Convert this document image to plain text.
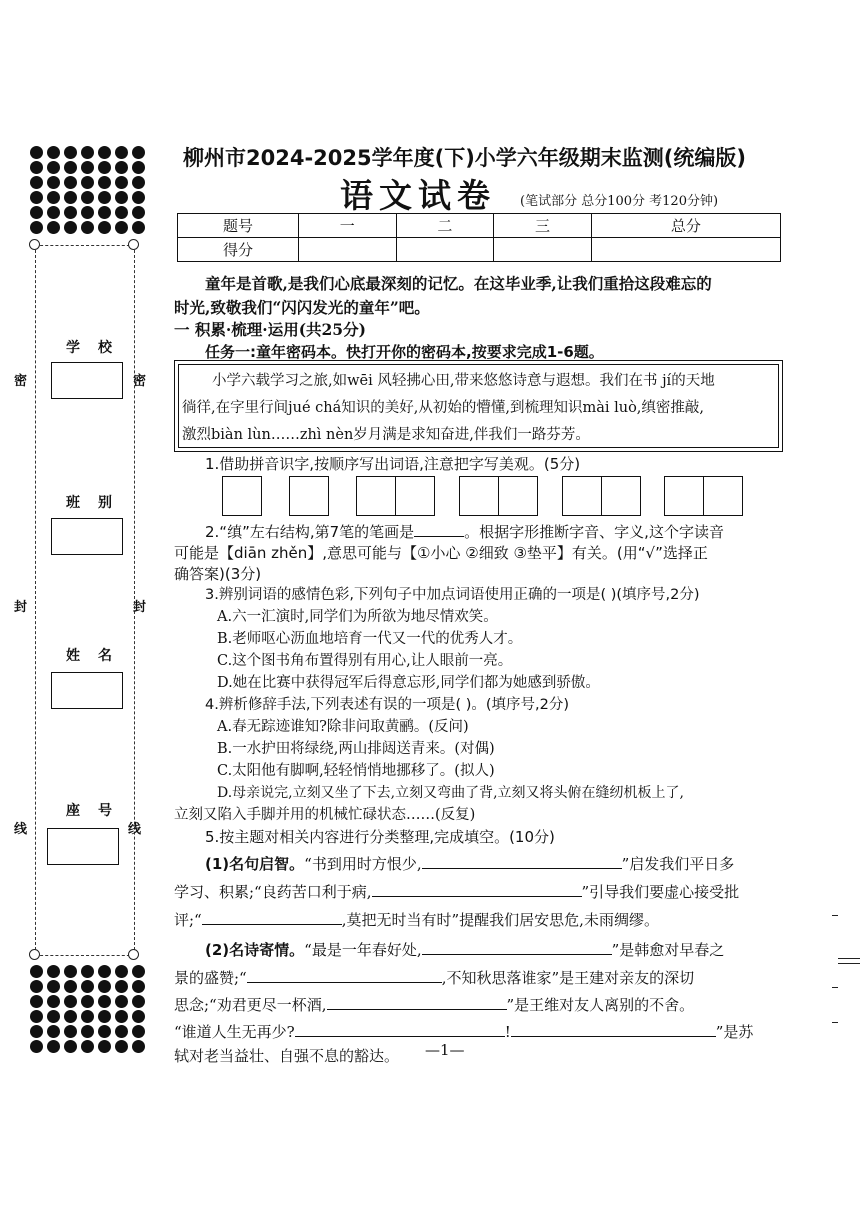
学校
班别
姓名
座号
密	密
封	封
线	线
柳州市2024-2025学年度(下)小学六年级期末监测(统编版)
语文试卷 (笔试部分 总分100分 考120分钟)
题号	一	二	三	总分
得分				
童年是首歌,是我们心底最深刻的记忆。在这毕业季,让我们重拾这段难忘的
时光,致敬我们“闪闪发光的童年”吧。
一 积累·梳理·运用(共25分)
任务一:童年密码本。快打开你的密码本,按要求完成1-6题。
小学六载学习之旅,如wēi 风轻拂心田,带来悠悠诗意与遐想。我们在书 jí的天地
徜徉,在字里行间jué chá知识的美好,从初始的懵懂,到梳理知识mài luò,缜密推敲,
激烈biàn lùn……zhì nèn岁月满是求知奋进,伴我们一路芬芳。
1.借助拼音识字,按顺序写出词语,注意把字写美观。(5分)
2.“缜”左右结构,第7笔的笔画是	。根据字形推断字音、字义,这个字读音
可能是【diān zhěn】,意思可能与【①小心 ②细致 ③垫平】有关。(用“√”选择正
确答案)(3分)
3.辨别词语的感情色彩,下列句子中加点词语使用正确的一项是( )(填序号,2分)
A.六一汇演时,同学们为所欲为地尽情欢笑。
B.老师呕心沥血地培育一代又一代的优秀人才。
C.这个图书角布置得别有用心,让人眼前一亮。
D.她在比赛中获得冠军后得意忘形,同学们都为她感到骄傲。
4.辨析修辞手法,下列表述有误的一项是( )。(填序号,2分)
A.春无踪迹谁知?除非问取黄鹂。(反问)
B.一水护田将绿绕,两山排闼送青来。(对偶)
C.太阳他有脚啊,轻轻悄悄地挪移了。(拟人)
D.母亲说完,立刻又坐了下去,立刻又弯曲了背,立刻又将头俯在缝纫机板上了,
立刻又陷入手脚并用的机械忙碌状态……(反复)
5.按主题对相关内容进行分类整理,完成填空。(10分)
(1)名句启智。“书到用时方恨少,	”启发我们平日多
学习、积累;“良药苦口利于病,	”引导我们要虚心接受批
评;“	,莫把无时当有时”提醒我们居安思危,未雨绸缪。
(2)名诗寄情。“最是一年春好处,	”是韩愈对早春之
景的盛赞;“	,不知秋思落谁家”是王建对亲友的深切
思念;“劝君更尽一杯酒,	”是王维对友人离别的不舍。
“谁道人生无再少?	!	”是苏
轼对老当益壮、自强不息的豁达。 —1—
